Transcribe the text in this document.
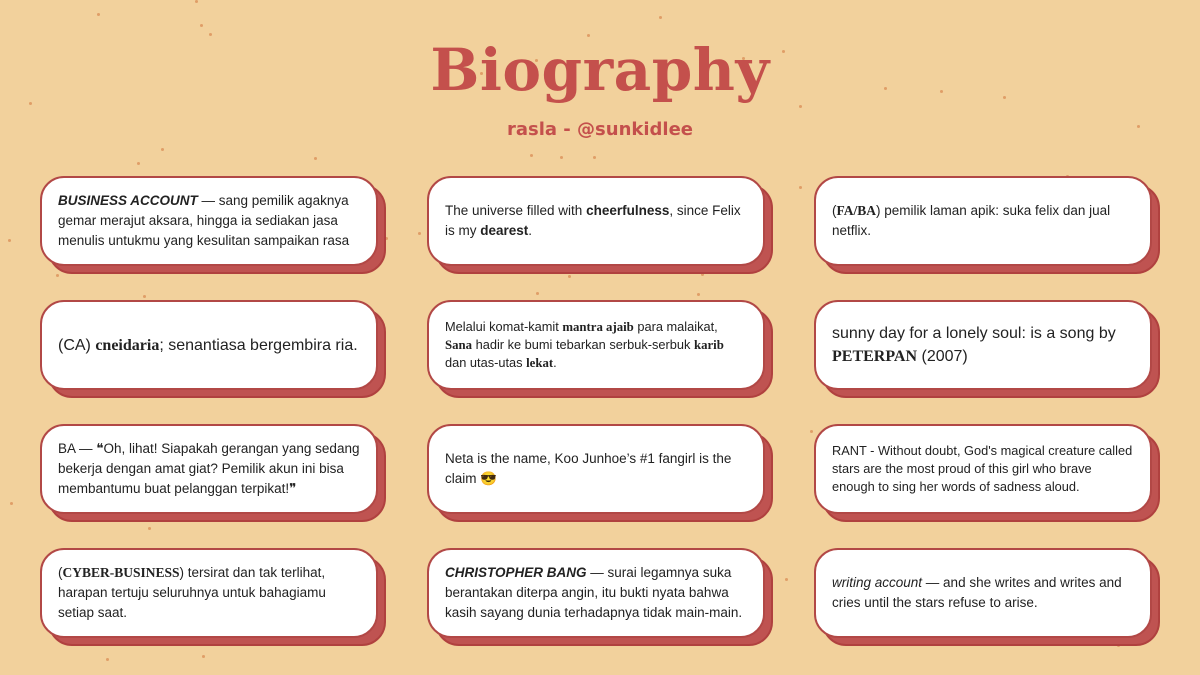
Biography
rasla - @sunkidlee
BUSINESS ACCOUNT — sang pemilik agaknya gemar merajut aksara, hingga ia sediakan jasa menulis untukmu yang kesulitan sampaikan rasa
The universe filled with cheerfulness, since Felix is my dearest.
(FA/BA) pemilik laman apik: suka felix dan jual netflix.
(CA) cneidaria; senantiasa bergembira ria.
Melalui komat-kamit mantra ajaib para malaikat, Sana hadir ke bumi tebarkan serbuk-serbuk karib dan utas-utas lekat.
sunny day for a lonely soul: is a song by PETERPAN (2007)
BA — ❝Oh, lihat! Siapakah gerangan yang sedang bekerja dengan amat giat? Pemilik akun ini bisa membantumu buat pelanggan terpikat!❞
Neta is the name, Koo Junhoe’s #1 fangirl is the claim 😎
RANT - Without doubt, God's magical creature called stars are the most proud of this girl who brave enough to sing her words of sadness aloud.
(CYBER-BUSINESS) tersirat dan tak terlihat, harapan tertuju seluruhnya untuk bahagiamu setiap saat.
CHRISTOPHER BANG — surai legamnya suka berantakan diterpa angin, itu bukti nyata bahwa kasih sayang dunia terhadapnya tidak main-main.
writing account — and she writes and writes and cries until the stars refuse to arise.
